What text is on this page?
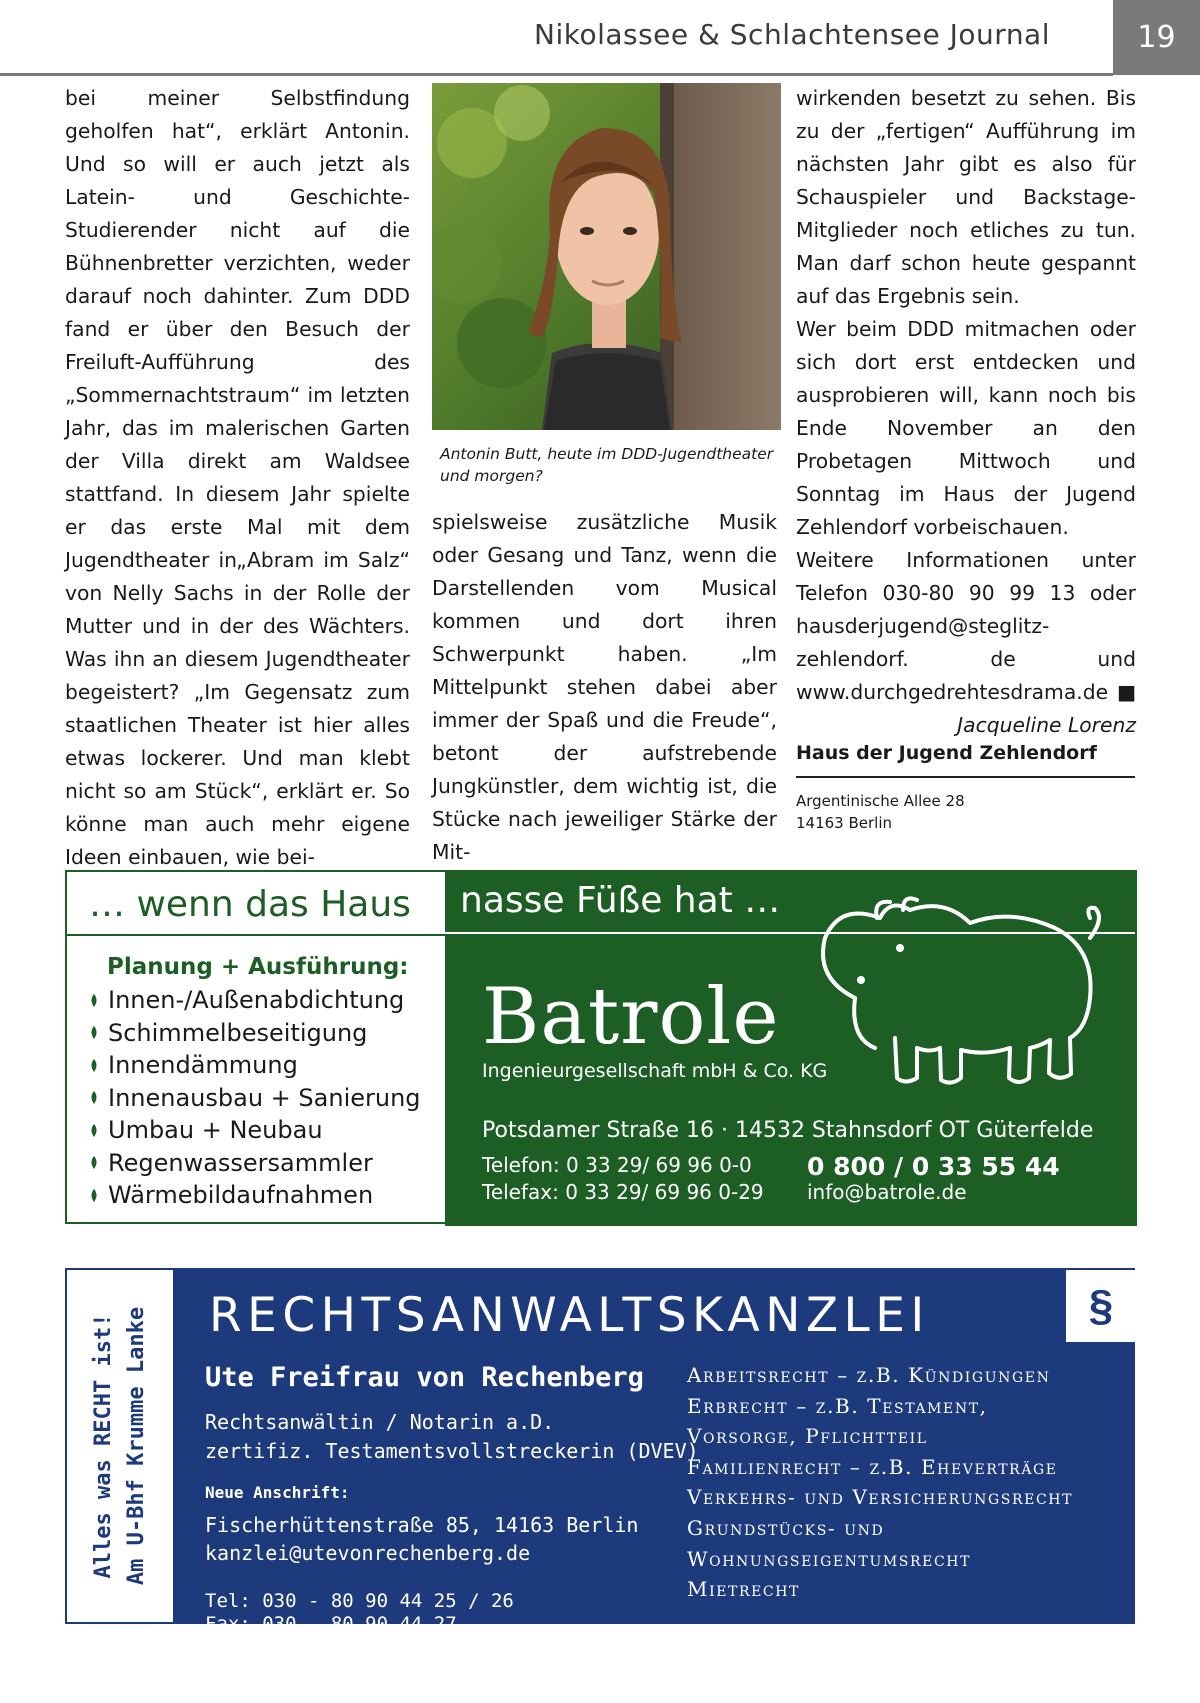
Nikolassee & Schlachtensee Journal	19

bei meiner Selbstfindung geholfen hat“, erklärt Antonin. Und so will er auch jetzt als Latein- und Geschichte-Studierender nicht auf die Bühnenbretter verzichten, weder darauf noch dahinter. Zum DDD fand er über den Besuch der Freiluft-Aufführung des „Sommernachtstraum“ im letzten Jahr, das im malerischen Garten der Villa direkt am Waldsee stattfand. In diesem Jahr spielte er das erste Mal mit dem Jugendtheater in„Abram im Salz“ von Nelly Sachs in der Rolle der Mutter und in der des Wächters. Was ihn an diesem Jugendtheater begeistert? „Im Gegensatz zum staatlichen Theater ist hier alles etwas lockerer. Und man klebt nicht so am Stück“, erklärt er. So könne man auch mehr eigene Ideen einbauen, wie bei-

Antonin Butt, heute im DDD-Jugendtheater und morgen?

spielsweise zusätzliche Musik oder Gesang und Tanz, wenn die Darstellenden vom Musical kommen und dort ihren Schwerpunkt haben. „Im Mittelpunkt stehen dabei aber immer der Spaß und die Freude“, betont der aufstrebende Jungkünstler, dem wichtig ist, die Stücke nach jeweiliger Stärke der Mit-

wirkenden besetzt zu sehen. Bis zu der „fertigen“ Aufführung im nächsten Jahr gibt es also für Schauspieler und Backstage-Mitglieder noch etliches zu tun. Man darf schon heute gespannt auf das Ergebnis sein.

Wer beim DDD mitmachen oder sich dort erst entdecken und ausprobieren will, kann noch bis Ende November an den Probetagen Mittwoch und Sonntag im Haus der Jugend Zehlendorf vorbeischauen.

Weitere Informationen unter Telefon 030-80 90 99 13 oder hausderjugend@steglitz-zehlendorf. de und www.durchgedrehtesdrama.de ■

Jacqueline Lorenz

Haus der Jugend Zehlendorf
Argentinische Allee 28
14163 Berlin
… wenn das Haus
Planung + Ausführung:
Innen-/Außenabdichtung
Schimmelbeseitigung
Innendämmung
Innenausbau + Sanierung
Umbau + Neubau
Regenwassersammler
Wärmebildaufnahmen
nasse Füße hat …
Batrole
Ingenieurgesellschaft mbH & Co. KG
Potsdamer Straße 16 · 14532 Stahnsdorf OT Güterfelde
Telefon: 0 33 29/ 69 96 0-0
Telefax: 0 33 29/ 69 96 0-29
0 800 / 0 33 55 44
info@batrole.de
Alles was RECHT ist! Am U-Bhf Krumme Lanke RECHTSANWALTSKANZLEI	§
Ute Freifrau von Rechenberg
Rechtsanwältin / Notarin a.D.
zertifiz. Testamentsvollstreckerin (DVEV)
Neue Anschrift:
Fischerhüttenstraße 85, 14163 Berlin
kanzlei@utevonrechenberg.de
Tel: 030 - 80 90 44 25 / 26
Fax: 030 - 80 90 44 27
Arbeitsrecht – z.B. Kündigungen
Erbrecht – z.B. Testament,
Vorsorge, Pflichtteil
Familienrecht – z.B. Eheverträge
Verkehrs- und Versicherungsrecht
Grundstücks- und
Wohnungseigentumsrecht
Mietrecht
